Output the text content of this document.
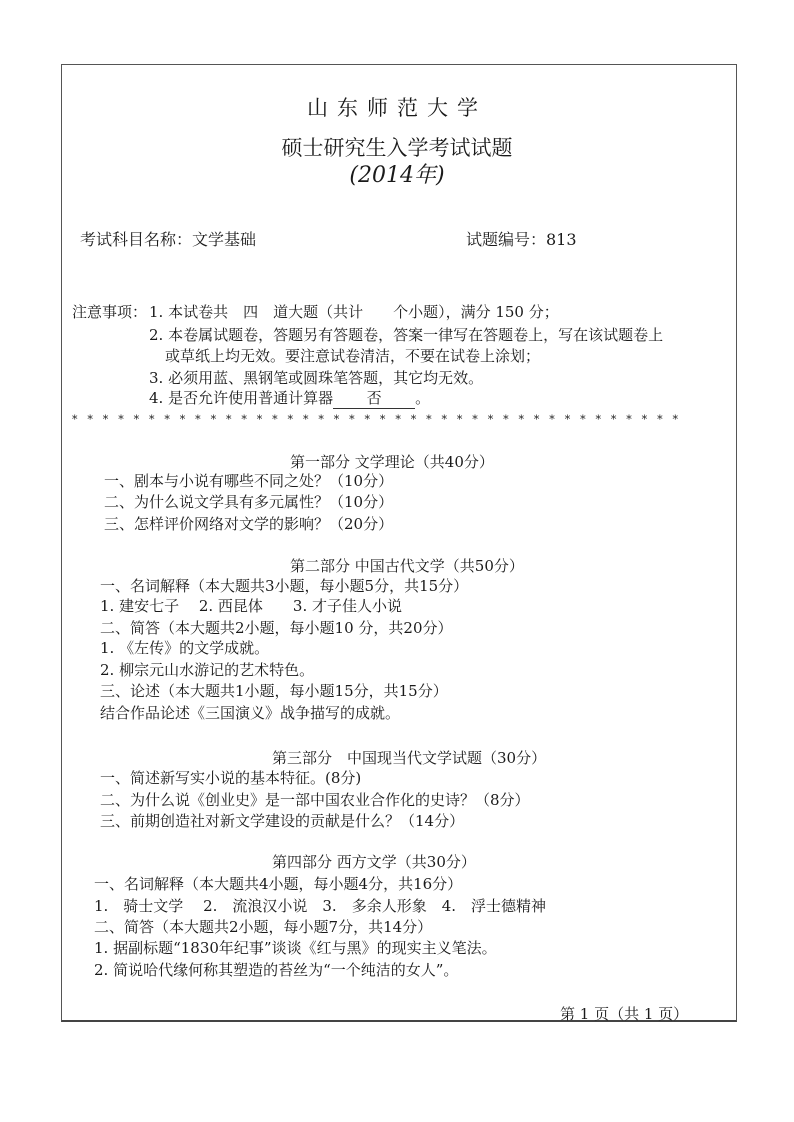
山东师范大学
硕士研究生入学考试试题
(2014年)
考试科目名称：文学基础	试题编号：813
注意事项： 1. 本试卷共　四　道大题（共计　　个小题），满分 150 分；
2. 本卷属试题卷，答题另有答题卷，答案一律写在答题卷上，写在该试题卷上
或草纸上均无效。要注意试卷清洁，不要在试卷上涂划；
3. 必须用蓝、黑钢笔或圆珠笔答题，其它均无效。
4. 是否允许使用普通计算器 否 。
* * * * * * * * * * * * * * * * * * * * * * * * * * * * * * * * * * * * * * * *
第一部分 文学理论（共40分）
一、剧本与小说有哪些不同之处？（10分）
二、为什么说文学具有多元属性？（10分）
三、怎样评价网络对文学的影响？（20分）
第二部分 中国古代文学（共50分）
一、名词解释（本大题共3小题，每小题5分，共15分）
1. 建安七子　 2. 西昆体　　3. 才子佳人小说
二、简答（本大题共2小题，每小题10 分，共20分）
1. 《左传》的文学成就。
2. 柳宗元山水游记的艺术特色。
三、论述（本大题共1小题，每小题15分，共15分）
结合作品论述《三国演义》战争描写的成就。
第三部分　中国现当代文学试题（30分）
一、简述新写实小说的基本特征。(8分)
二、为什么说《创业史》是一部中国农业合作化的史诗？（8分）
三、前期创造社对新文学建设的贡献是什么？（14分）
第四部分 西方文学（共30分）
一、名词解释（本大题共4小题，每小题4分，共16分）
1.　骑士文学　 2.　流浪汉小说　3.　多余人形象　4.　浮士德精神
二、简答（本大题共2小题，每小题7分，共14分）
1. 据副标题“1830年纪事”谈谈《红与黑》的现实主义笔法。
2. 简说哈代缘何称其塑造的苔丝为“一个纯洁的女人”。
第 1 页（共 1 页）
